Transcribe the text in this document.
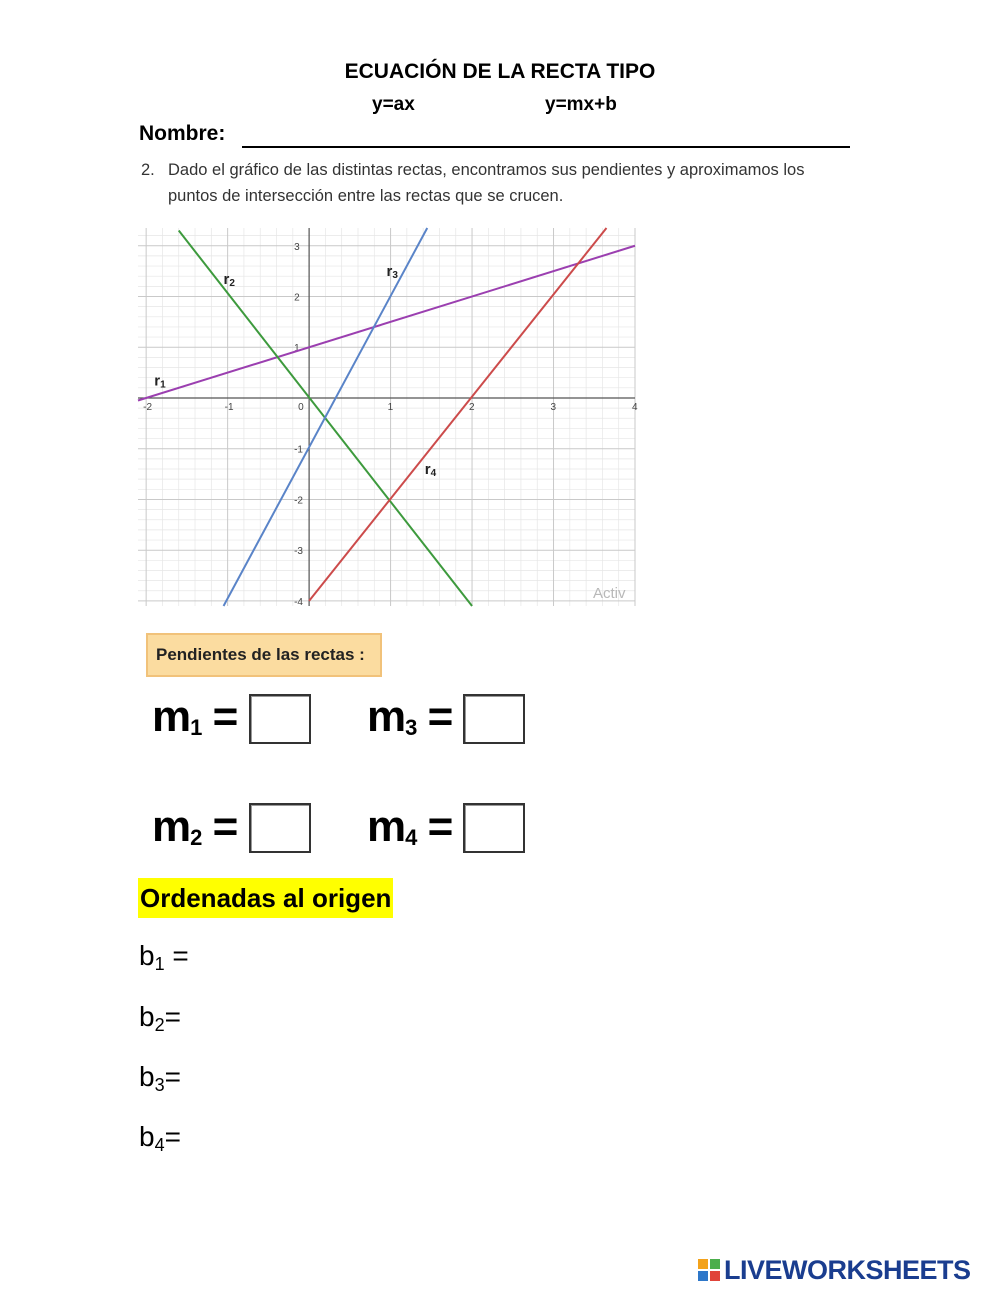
ECUACIÓN DE LA RECTA TIPO
y=ax	y=mx+b
Nombre:
2. Dado el gráfico de las distintas rectas, encontramos sus pendientes y aproximamos los
puntos de intersección entre las rectas que se crucen.
-2	-1	0	1	2	3	4
-4
-3
-2
-1
1
2
3
r1
r2
r3
r4
Activ
Pendientes de las rectas :
$m_1$ =	$m_3$ =
$m_2$ =	$m_4$ =
Ordenadas al origen
$b_1$ =
$b_2=$
$b_3=$
$b_4=$
LIVEWORKSHEETS
